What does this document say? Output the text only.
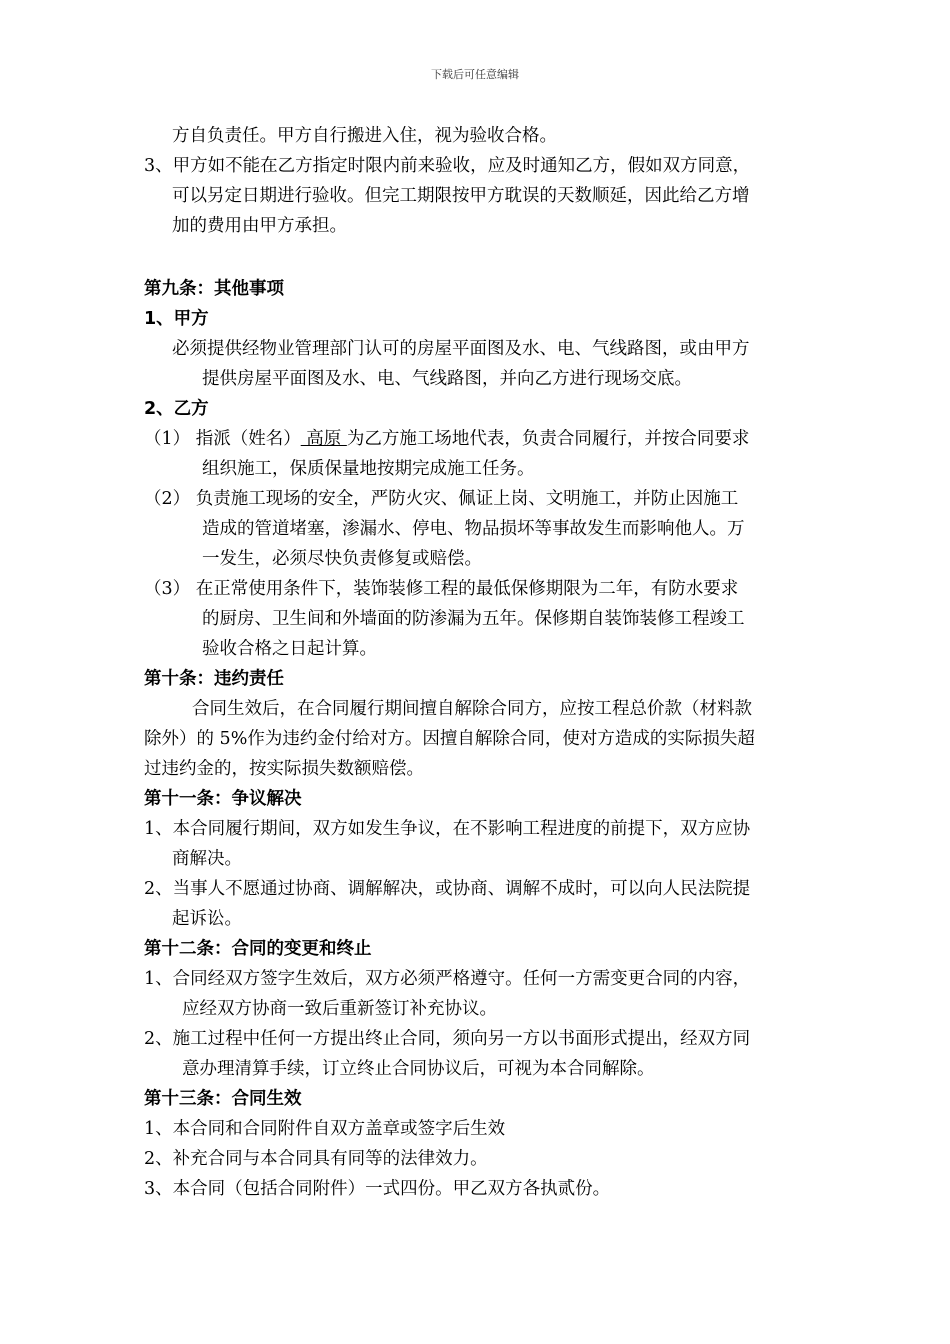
下载后可任意编辑
方自负责任。甲方自行搬进入住，视为验收合格。
3、甲方如不能在乙方指定时限内前来验收，应及时通知乙方，假如双方同意，
可以另定日期进行验收。但完工期限按甲方耽误的天数顺延，因此给乙方增
加的费用由甲方承担。
第九条：其他事项
1、甲方
必须提供经物业管理部门认可的房屋平面图及水、电、气线路图，或由甲方
提供房屋平面图及水、电、气线路图，并向乙方进行现场交底。
2、乙方
（1） 指派（姓名） 高原 为乙方施工场地代表，负责合同履行，并按合同要求
组织施工，保质保量地按期完成施工任务。
（2） 负责施工现场的安全，严防火灾、佩证上岗、文明施工，并防止因施工
造成的管道堵塞，渗漏水、停电、物品损坏等事故发生而影响他人。万
一发生，必须尽快负责修复或赔偿。
（3） 在正常使用条件下，装饰装修工程的最低保修期限为二年，有防水要求
的厨房、卫生间和外墙面的防渗漏为五年。保修期自装饰装修工程竣工
验收合格之日起计算。
第十条：违约责任
合同生效后，在合同履行期间擅自解除合同方，应按工程总价款（材料款
除外）的 5%作为违约金付给对方。因擅自解除合同，使对方造成的实际损失超
过违约金的，按实际损失数额赔偿。
第十一条：争议解决
1、本合同履行期间，双方如发生争议，在不影响工程进度的前提下，双方应协
商解决。
2、当事人不愿通过协商、调解解决，或协商、调解不成时，可以向人民法院提
起诉讼。
第十二条：合同的变更和终止
1、合同经双方签字生效后，双方必须严格遵守。任何一方需变更合同的内容，
应经双方协商一致后重新签订补充协议。
2、施工过程中任何一方提出终止合同，须向另一方以书面形式提出，经双方同
意办理清算手续，订立终止合同协议后，可视为本合同解除。
第十三条：合同生效
1、本合同和合同附件自双方盖章或签字后生效
2、补充合同与本合同具有同等的法律效力。
3、本合同（包括合同附件）一式四份。甲乙双方各执贰份。
